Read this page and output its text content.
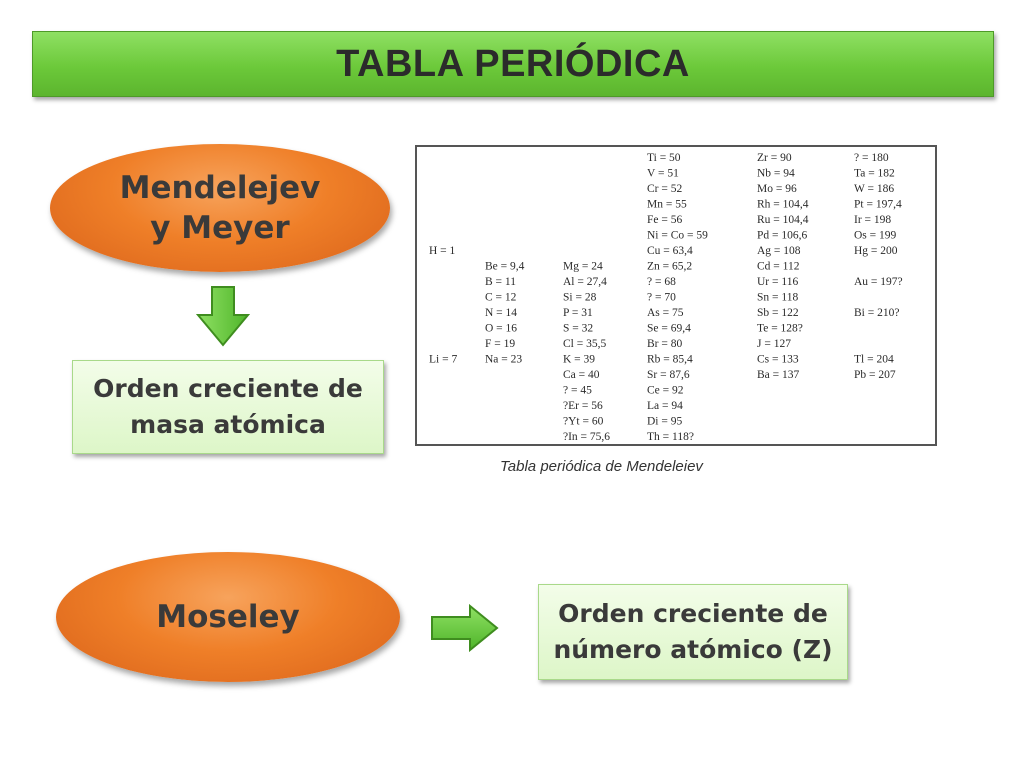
TABLA PERIÓDICA
Mendelejev
y Meyer
Orden creciente de
masa atómica
H = 1
Li = 7
Be = 9,4
B = 11
C = 12
N = 14
O = 16
F = 19
Na = 23
Mg = 24
Al = 27,4
Si = 28
P = 31
S = 32
Cl = 35,5
K = 39
Ca = 40
? = 45
?Er = 56
?Yt = 60
?In = 75,6
Ti = 50
V = 51
Cr = 52
Mn = 55
Fe = 56
Ni = Co = 59
Cu = 63,4
Zn = 65,2
? = 68
? = 70
As = 75
Se = 69,4
Br = 80
Rb = 85,4
Sr = 87,6
Ce = 92
La = 94
Di = 95
Th = 118?
Zr = 90
Nb = 94
Mo = 96
Rh = 104,4
Ru = 104,4
Pd = 106,6
Ag = 108
Cd = 112
Ur = 116
Sn = 118
Sb = 122
Te = 128?
J = 127
Cs = 133
Ba = 137
? = 180
Ta = 182
W = 186
Pt = 197,4
Ir = 198
Os = 199
Hg = 200
Au = 197?
Bi = 210?
Tl = 204
Pb = 207
Tabla periódica de Mendeleiev
Moseley	Orden creciente de
número atómico (Z)
